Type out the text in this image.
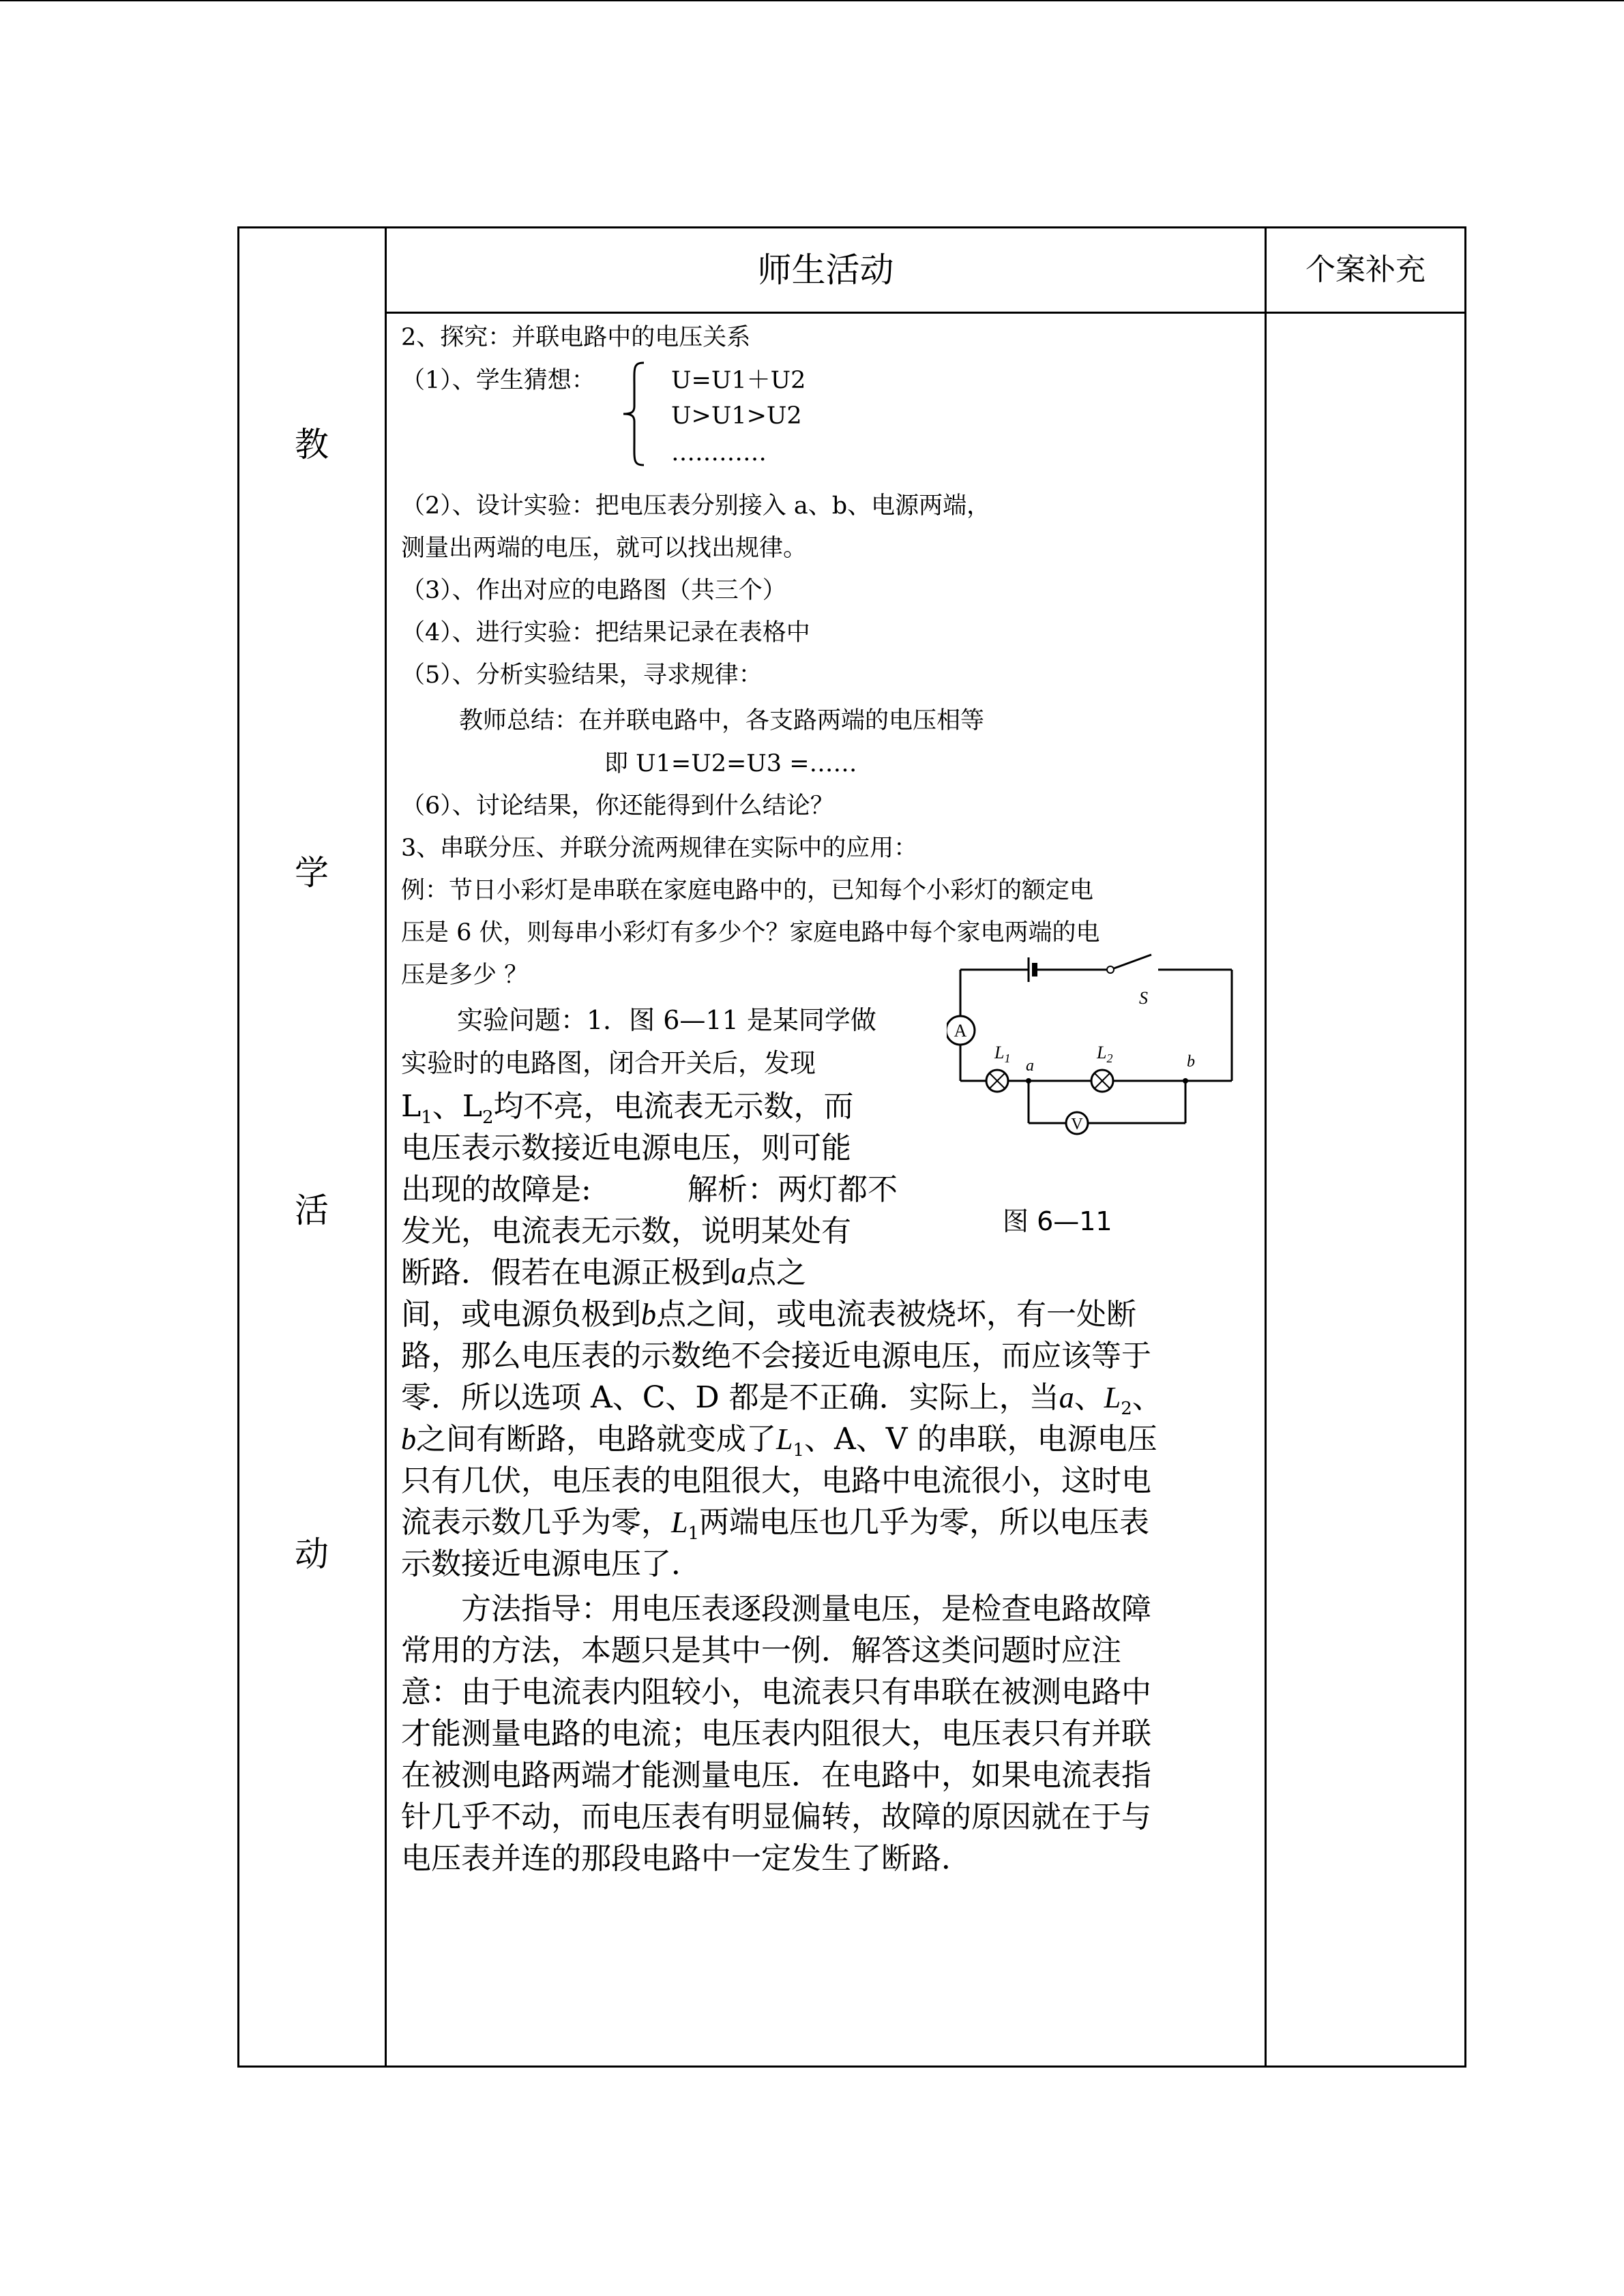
教
学
活
动
师生活动	个案补充
2、探究：并联电路中的电压关系
（1）、学生猜想：	U=U1＋U2
U>U1>U2
…………
（2）、设计实验：把电压表分别接入 a、b、电源两端，
测量出两端的电压，就可以找出规律。
（3）、作出对应的电路图（共三个）
（4）、进行实验：把结果记录在表格中
（5）、分析实验结果，寻求规律：
教师总结：在并联电路中，各支路两端的电压相等
即 U1=U2=U3 =……
（6）、讨论结果，你还能得到什么结论？
3、串联分压、并联分流两规律在实际中的应用：
例：节日小彩灯是串联在家庭电路中的，已知每个小彩灯的额定电
压是 6 伏，则每串小彩灯有多少个？家庭电路中每个家电两端的电
压是多少 ？
实验问题：1．图 6—11 是某同学做
实验时的电路图，闭合开关后，发现
$L_1$、$L_2$均不亮，电流表无示数，而
电压表示数接近电源电压，则可能
出现的故障是:	解析：两灯都不
发光，电流表无示数，说明某处有
断路．假若在电源正极到a点之
A
V
S
$L_1$	$L_2$
a	b
图 6—11
间，或电源负极到b点之间，或电流表被烧坏，有一处断
路，那么电压表的示数绝不会接近电源电压，而应该等于
零．所以选项 A、C、D 都是不正确．实际上，当a、$L_2$、
b之间有断路，电路就变成了$L_1$、A、V 的串联，电源电压
只有几伏，电压表的电阻很大，电路中电流很小，这时电
流表示数几乎为零，$L_1$两端电压也几乎为零，所以电压表
示数接近电源电压了．
方法指导：用电压表逐段测量电压，是检查电路故障
常用的方法，本题只是其中一例．解答这类问题时应注
意：由于电流表内阻较小，电流表只有串联在被测电路中
才能测量电路的电流；电压表内阻很大，电压表只有并联
在被测电路两端才能测量电压．在电路中，如果电流表指
针几乎不动，而电压表有明显偏转，故障的原因就在于与
电压表并连的那段电路中一定发生了断路．
